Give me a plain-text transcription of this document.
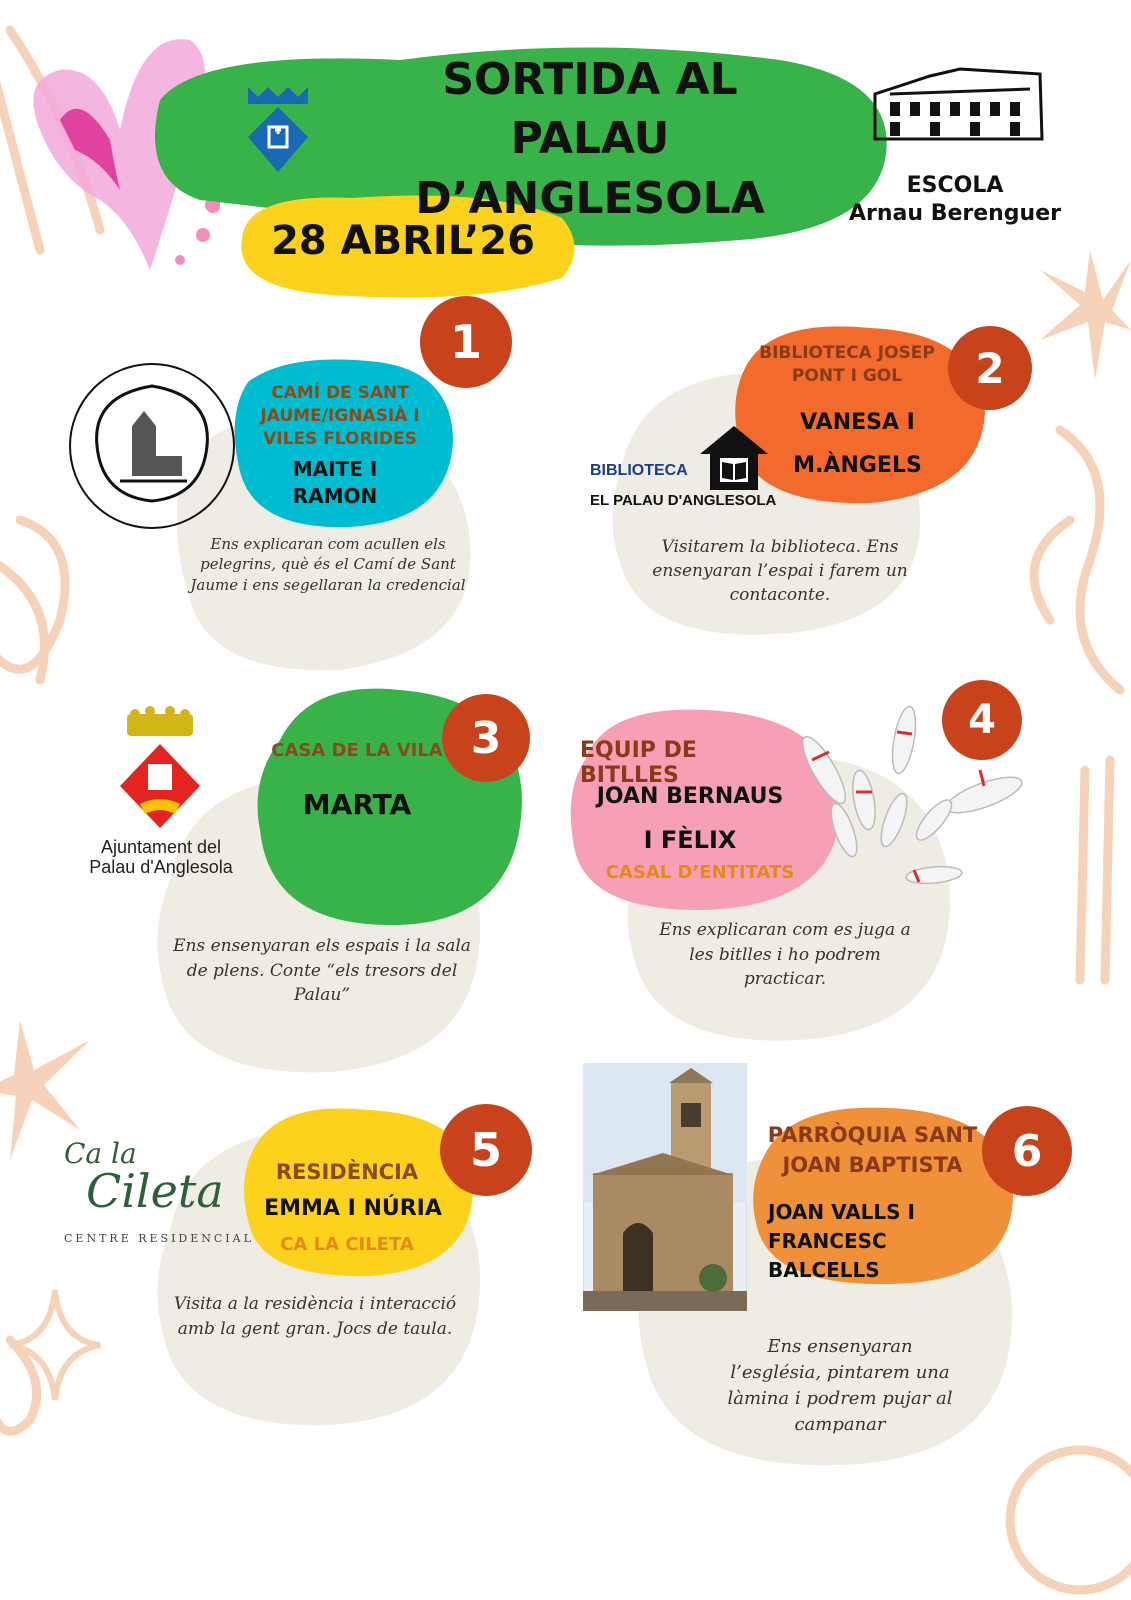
SORTIDA AL
PALAU D’ANGLESOLA
28 ABRIL’26
ESCOLA
Arnau Berenguer
1
CAMÍ DE SANT JAUME/IGNASIÀ I VILES FLORIDES
MAITE I RAMON
Ens explicaran com acullen els pelegrins, què és el Camí de Sant Jaume i ens segellaran la credencial
2
BIBLIOTECA JOSEP PONT I GOL
VANESA I M.ÀNGELS
Visitarem la biblioteca. Ens ensenyaran l’espai i farem un contaconte.
BIBLIOTECA
EL PALAU D'ANGLESOLA
3
CASA DE LA VILA
MARTA
Ens ensenyaran els espais i la sala de plens. Conte “els tresors del Palau”
Ajuntament del
Palau d'Anglesola
4
EQUIP DE BITLLES
JOAN BERNAUS
I FÈLIX
CASAL D’ENTITATS
Ens explicaran com es juga a les bitlles i ho podrem practicar.
5
RESIDÈNCIA
EMMA I NÚRIA
CA LA CILETA
Visita a la residència i interacció amb la gent gran. Jocs de taula.
Ca la
Cileta
CENTRE RESIDENCIAL
6
PARRÒQUIA SANT JOAN BAPTISTA
JOAN VALLS I FRANCESC BALCELLS
Ens ensenyaran l’església, pintarem una làmina i podrem pujar al campanar
